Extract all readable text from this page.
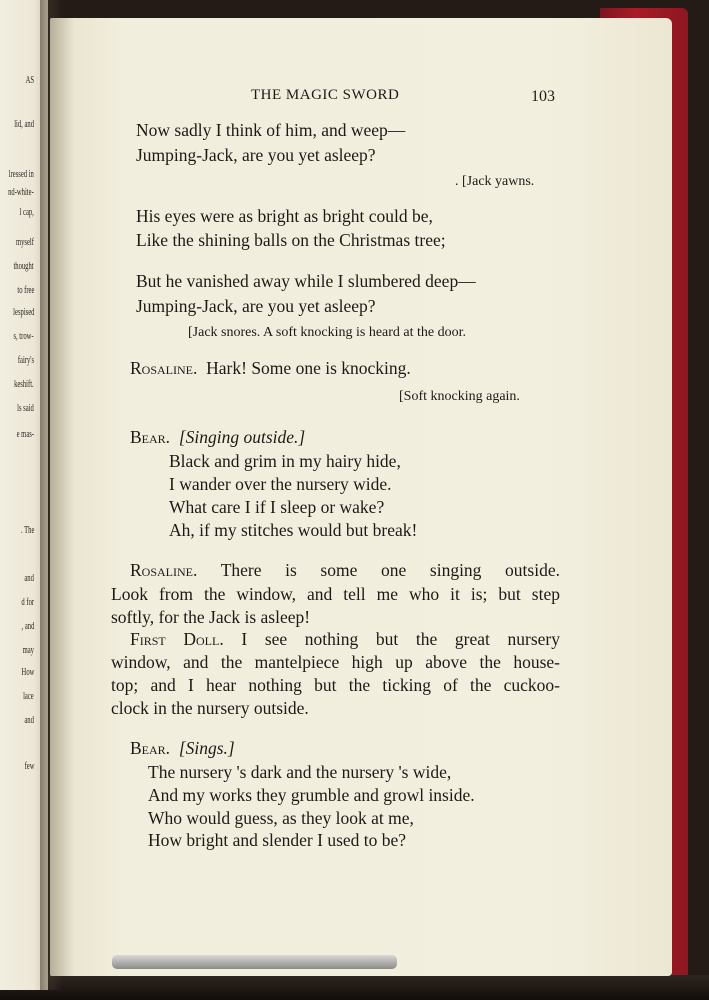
AS
lid, and
lressed in
nd-white-
l cap,
myself
thought
to free
lespised
s, trow-
fairy's
keshift.
ls said
e mas-
. The
and
d for
, and
may
How
lace
and
few
THE MAGIC SWORD	103
Now sadly I think of him, and weep—
Jumping-Jack, are you yet asleep?
. [Jack yawns.
His eyes were as bright as bright could be,
Like the shining balls on the Christmas tree;
But he vanished away while I slumbered deep—
Jumping-Jack, are you yet asleep?
[Jack snores. A soft knocking is heard at the door.
Rosaline. Hark! Some one is knocking.
[Soft knocking again.
Bear. [Singing outside.]
Black and grim in my hairy hide,
I wander over the nursery wide.
What care I if I sleep or wake?
Ah, if my stitches would but break!
Rosaline. There is some one singing outside.
Look from the window, and tell me who it is; but step
softly, for the Jack is asleep!
First Doll. I see nothing but the great nursery
window, and the mantelpiece high up above the house-
top; and I hear nothing but the ticking of the cuckoo-
clock in the nursery outside.
Bear. [Sings.]
The nursery 's dark and the nursery 's wide,
And my works they grumble and growl inside.
Who would guess, as they look at me,
How bright and slender I used to be?
